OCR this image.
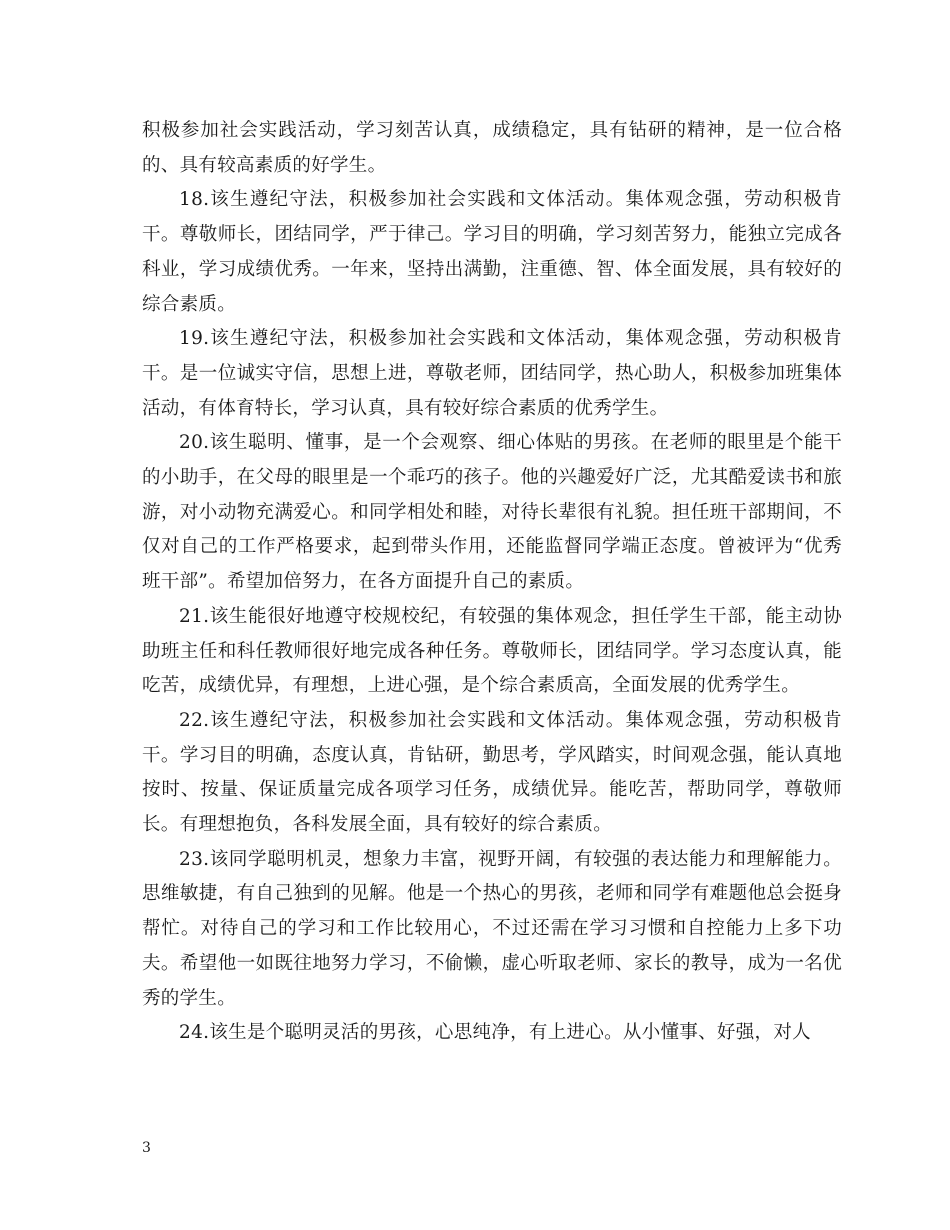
积极参加社会实践活动，学习刻苦认真，成绩稳定，具有钻研的精神，是一位合格的、具有较高素质的好学生。

18.该生遵纪守法，积极参加社会实践和文体活动。集体观念强，劳动积极肯干。尊敬师长，团结同学，严于律己。学习目的明确，学习刻苦努力，能独立完成各科业，学习成绩优秀。一年来，坚持出满勤，注重德、智、体全面发展，具有较好的综合素质。

19.该生遵纪守法，积极参加社会实践和文体活动，集体观念强，劳动积极肯干。是一位诚实守信，思想上进，尊敬老师，团结同学，热心助人，积极参加班集体活动，有体育特长，学习认真，具有较好综合素质的优秀学生。

20.该生聪明、懂事，是一个会观察、细心体贴的男孩。在老师的眼里是个能干的小助手，在父母的眼里是一个乖巧的孩子。他的兴趣爱好广泛，尤其酷爱读书和旅游，对小动物充满爱心。和同学相处和睦，对待长辈很有礼貌。担任班干部期间，不仅对自己的工作严格要求，起到带头作用，还能监督同学端正态度。曾被评为“优秀班干部”。希望加倍努力，在各方面提升自己的素质。

21.该生能很好地遵守校规校纪，有较强的集体观念，担任学生干部，能主动协助班主任和科任教师很好地完成各种任务。尊敬师长，团结同学。学习态度认真，能吃苦，成绩优异，有理想，上进心强，是个综合素质高，全面发展的优秀学生。

22.该生遵纪守法，积极参加社会实践和文体活动。集体观念强，劳动积极肯干。学习目的明确，态度认真，肯钻研，勤思考，学风踏实，时间观念强，能认真地按时、按量、保证质量完成各项学习任务，成绩优异。能吃苦，帮助同学，尊敬师长。有理想抱负，各科发展全面，具有较好的综合素质。

23.该同学聪明机灵，想象力丰富，视野开阔，有较强的表达能力和理解能力。思维敏捷，有自己独到的见解。他是一个热心的男孩，老师和同学有难题他总会挺身帮忙。对待自己的学习和工作比较用心，不过还需在学习习惯和自控能力上多下功夫。希望他一如既往地努力学习，不偷懒，虚心听取老师、家长的教导，成为一名优秀的学生。

24.该生是个聪明灵活的男孩，心思纯净，有上进心。从小懂事、好强，对人

3
